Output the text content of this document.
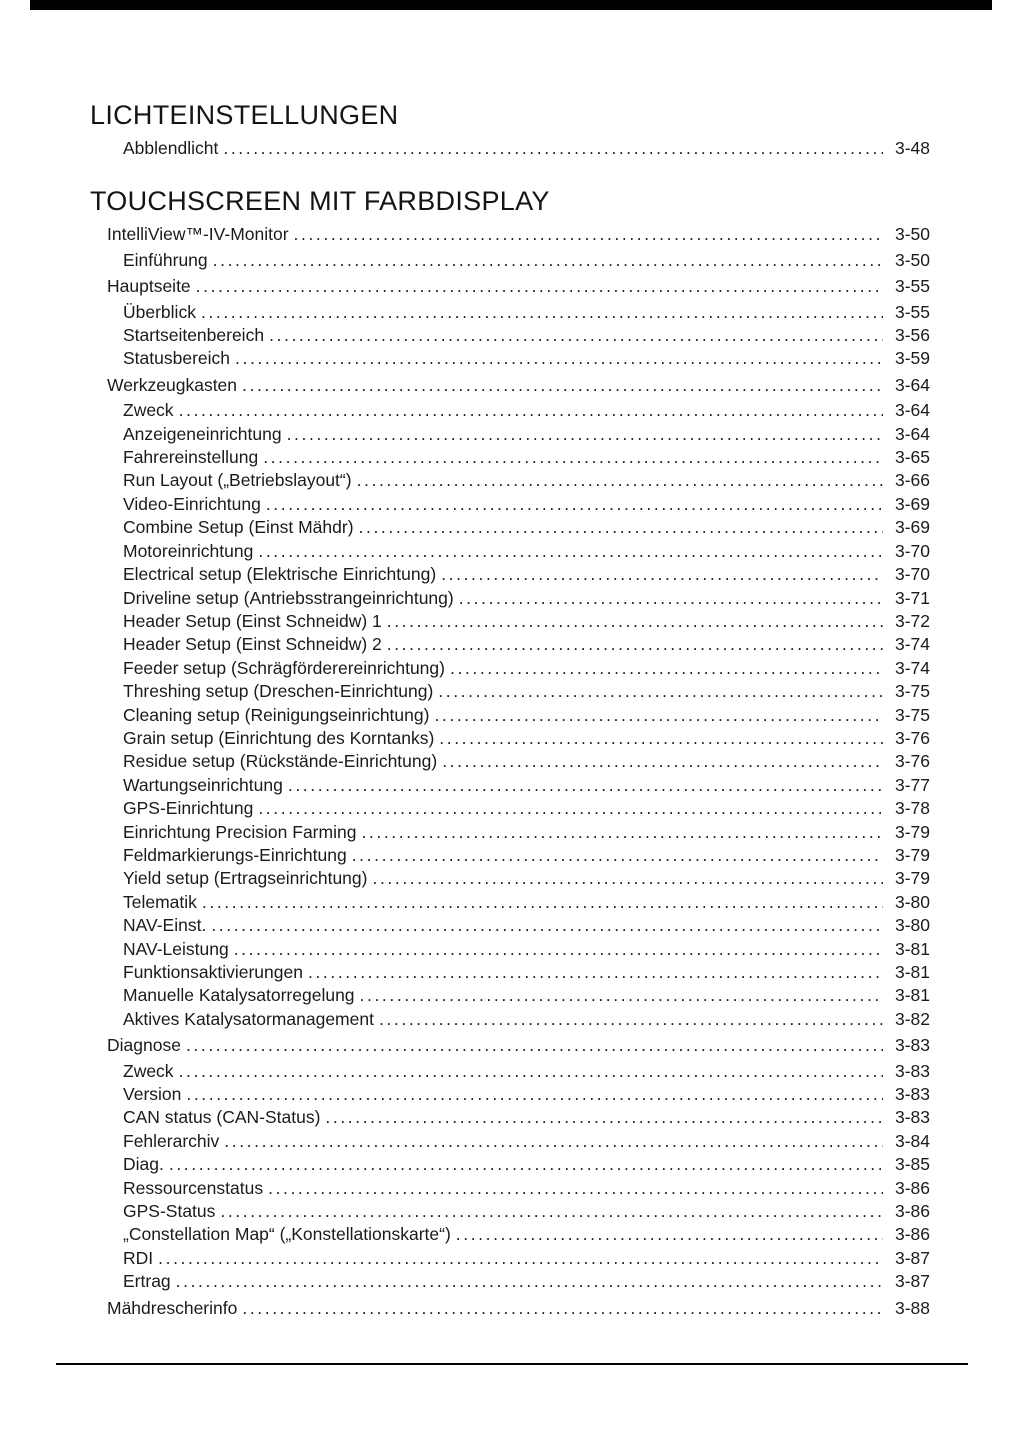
LICHTEINSTELLUNGEN
Abblendlicht .....	3-48
TOUCHSCREEN MIT FARBDISPLAY
IntelliView™-IV-Monitor .....	3-50
Einführung .....	3-50
Hauptseite .....	3-55
Überblick .....	3-55
Startseitenbereich .....	3-56
Statusbereich .....	3-59
Werkzeugkasten .....	3-64
Zweck .....	3-64
Anzeigeneinrichtung .....	3-64
Fahrereinstellung .....	3-65
Run Layout („Betriebslayout“) .....	3-66
Video-Einrichtung .....	3-69
Combine Setup (Einst Mähdr) .....	3-69
Motoreinrichtung .....	3-70
Electrical setup (Elektrische Einrichtung) .....	3-70
Driveline setup (Antriebsstrangeinrichtung) .....	3-71
Header Setup (Einst Schneidw) 1 .....	3-72
Header Setup (Einst Schneidw) 2 .....	3-74
Feeder setup (Schrägförderereinrichtung) .....	3-74
Threshing setup (Dreschen-Einrichtung) .....	3-75
Cleaning setup (Reinigungseinrichtung) .....	3-75
Grain setup (Einrichtung des Korntanks) .....	3-76
Residue setup (Rückstände-Einrichtung) .....	3-76
Wartungseinrichtung .....	3-77
GPS-Einrichtung .....	3-78
Einrichtung Precision Farming .....	3-79
Feldmarkierungs-Einrichtung .....	3-79
Yield setup (Ertragseinrichtung) .....	3-79
Telematik .....	3-80
NAV-Einst. .....	3-80
NAV-Leistung .....	3-81
Funktionsaktivierungen .....	3-81
Manuelle Katalysatorregelung .....	3-81
Aktives Katalysatormanagement .....	3-82
Diagnose .....	3-83
Zweck .....	3-83
Version .....	3-83
CAN status (CAN-Status) .....	3-83
Fehlerarchiv .....	3-84
Diag. .....	3-85
Ressourcenstatus .....	3-86
GPS-Status .....	3-86
„Constellation Map“ („Konstellationskarte“) .....	3-86
RDI .....	3-87
Ertrag .....	3-87
Mähdrescherinfo .....	3-88
